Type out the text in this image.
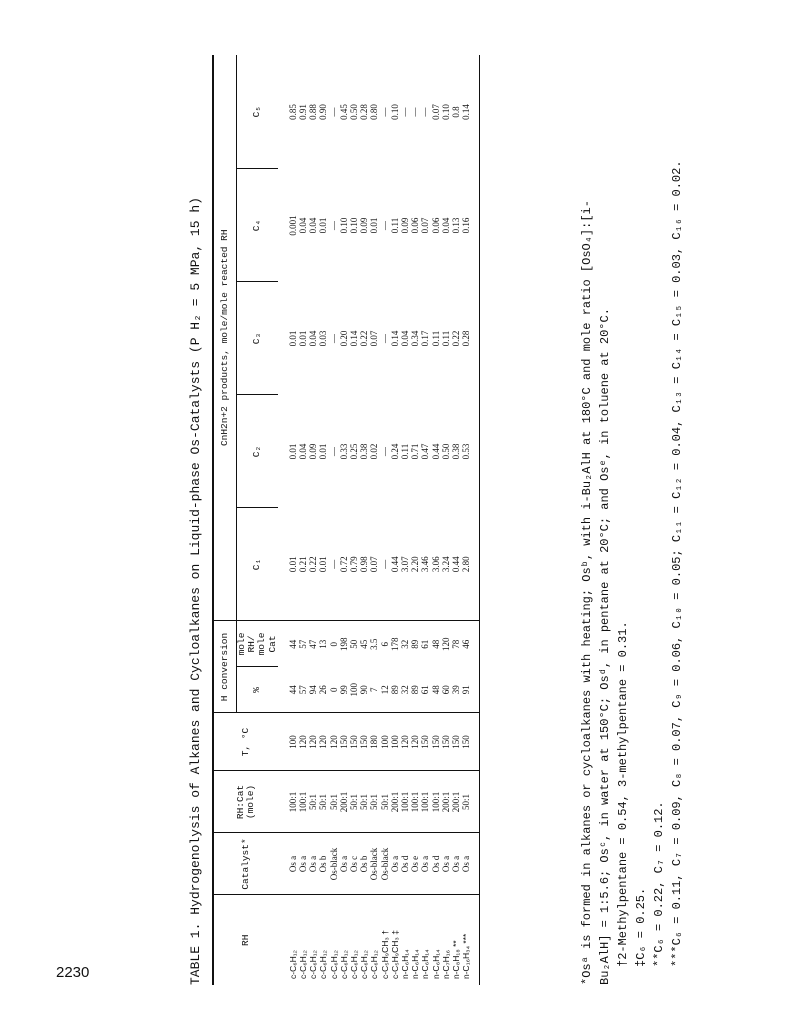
2230	TABLE 1. Hydrogenolysis of Alkanes and Cycloalkanes on Liquid-phase Os-Catalysts (P H₂ = 5 MPa, 15 h)	RH	Catalyst*	RH:Cat (mole)	T, °C	H conversion		CnH2n+2 products, mole/mole reacted RH				
				%	mole RH/ mole Cat	C₁	C₂	C₃	C₄	C₅
c-C₆H₁₂	Os a	100:1	100	44	44	0.01	0.01	0.01	0.001	0.85
c-C₆H₁₂	Os a	100:1	120	57	57	0.21	0.04	0.01	0.04	0.91
c-C₆H₁₂	Os a	50:1	120	94	47	0.22	0.09	0.04	0.04	0.88
c-C₆H₁₂	Os b	50:1	120	26	13	0.01	0.01	0.03	0.01	0.90
c-C₆H₁₂	Os-black	50:1	120	0	0	—	—	—	—	—
c-C₆H₁₂	Os a	200:1	150	99	198	0.72	0.33	0.20	0.10	0.45
c-C₆H₁₂	Os c	50:1	150	100	50	0.79	0.25	0.14	0.10	0.50
c-C₆H₁₂	Os b	50:1	150	90	45	0.98	0.38	0.22	0.09	0.28
c-C₆H₁₂	Os-black	50:1	180	7	3.5	0.07	0.02	0.07	0.01	0.80
c-C₅H₉CH₃ †	Os-black	50:1	100	12	6	—	—	—	—	—
c-C₅H₉CH₃ ‡	Os a	200:1	100	89	178	0.44	0.24	0.14	0.11	0.10
n-C₆H₁₄	Os d	100:1	120	32	32	3.07	0.11	0.04	0.09	—
n-C₆H₁₄	Os e	100:1	120	89	89	2.20	0.71	0.34	0.06	—
n-C₆H₁₄	Os a	100:1	150	61	61	3.46	0.47	0.17	0.07	—
n-C₆H₁₄	Os d	100:1	150	48	48	3.06	0.44	0.11	0.06	0.07
n-C₇H₁₆	Os a	200:1	150	60	120	3.24	0.50	0.11	0.04	0.10
n-C₈H₁₈ **	Os a	200:1	150	39	78	0.44	0.38	0.22	0.13	0.8
n-C₁₆H₃₄ ***	Os a	50:1	150	91	46	2.80	0.53	0.28	0.16	0.14

*Osᵃ is formed in alkanes or cycloalkanes with heating; Osᵇ, with i-Bu₂AlH at 180°C and mole ratio [OsO₄]:[i- Bu₂AlH] = 1:5.6; Osᶜ, in water at 150°C; Osᵈ, in pentane at 20°C; and Osᵉ, in toluene at 20°C. †2-Methylpentane = 0.54, 3-methylpentane = 0.31. ‡C₆ = 0.25. **C₆ = 0.22, C₇ = 0.12. ***C₆ = 0.11, C₇ = 0.09, C₈ = 0.07, C₉ = 0.06, C₁₀ = 0.05; C₁₁ = C₁₂ = 0.04, C₁₃ = C₁₄ = C₁₅ = 0.03, C₁₆ = 0.02.
